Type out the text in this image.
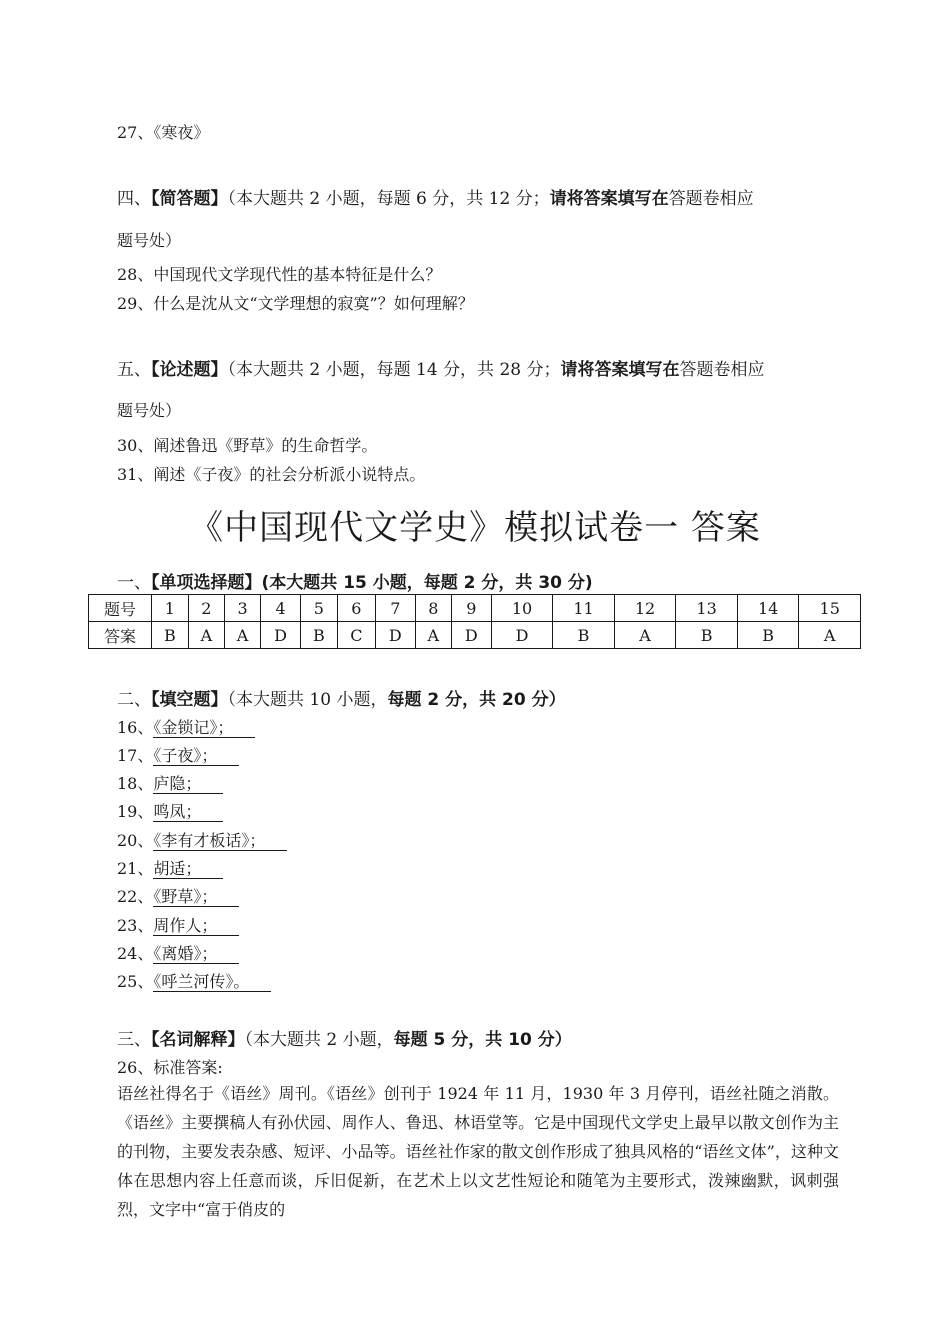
27、《寒夜》
四、【简答题】（本大题共 2 小题，每题 6 分，共 12 分；请将答案填写在答题卷相应
题号处）
28、中国现代文学现代性的基本特征是什么？
29、什么是沈从文“文学理想的寂寞”？如何理解？
五、【论述题】（本大题共 2 小题，每题 14 分，共 28 分；请将答案填写在答题卷相应
题号处）
30、阐述鲁迅《野草》的生命哲学。
31、阐述《子夜》的社会分析派小说特点。
《中国现代文学史》模拟试卷一 答案
一、【单项选择题】(本大题共 15 小题，每题 2 分，共 30 分)
题号	1	2	3	4	5	6	7	8	9	10	11	12	13	14	15
答案	B	A	A	D	B	C	D	A	D	D	B	A	B	B	A
二、【填空题】（本大题共 10 小题，每题 2 分，共 20 分）
16、《金锁记》；
17、《子夜》；
18、庐隐；
19、鸣凤；
20、《李有才板话》；
21、胡适；
22、《野草》；
23、周作人；
24、《离婚》；
25、《呼兰河传》。
三、【名词解释】（本大题共 2 小题，每题 5 分，共 10 分）
26、标准答案:
语丝社得名于《语丝》周刊。《语丝》创刊于 1924 年 11 月，1930 年 3 月停刊，语丝社随之消散。《语丝》主要撰稿人有孙伏园、周作人、鲁迅、林语堂等。它是中国现代文学史上最早以散文创作为主的刊物，主要发表杂感、短评、小品等。语丝社作家的散文创作形成了独具风格的“语丝文体”，这种文体在思想内容上任意而谈，斥旧促新，在艺术上以文艺性短论和随笔为主要形式，泼辣幽默，讽刺强烈，文字中“富于俏皮的
